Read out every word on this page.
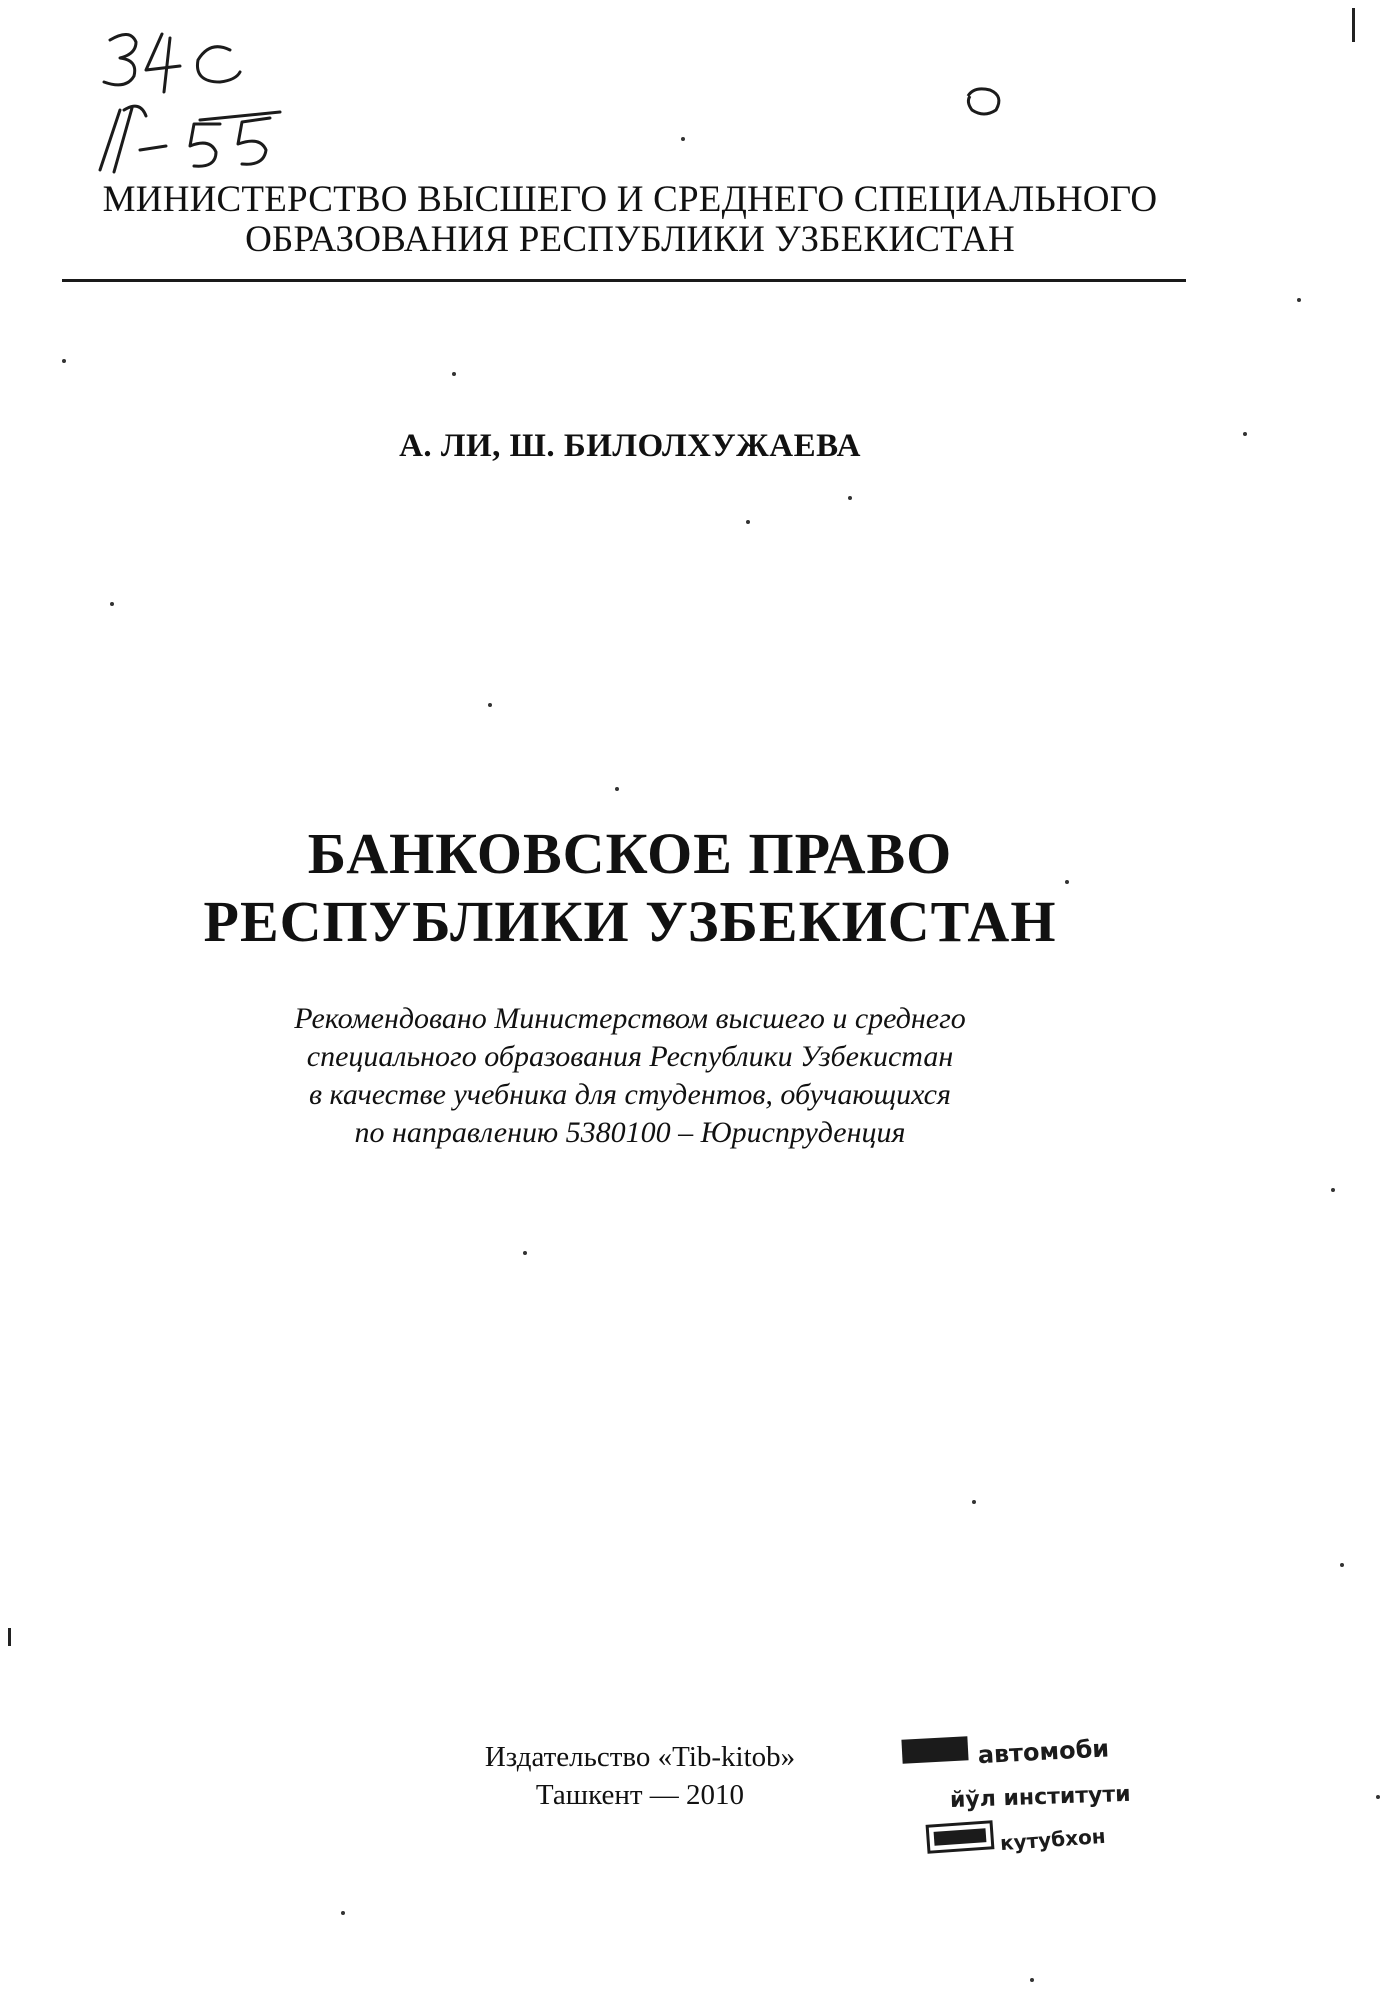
МИНИСТЕРСТВО ВЫСШЕГО И СРЕДНЕГО СПЕЦИАЛЬНОГО
ОБРАЗОВАНИЯ РЕСПУБЛИКИ УЗБЕКИСТАН
А. ЛИ, Ш. БИЛОЛХУЖАЕВА
БАНКОВСКОЕ ПРАВО
РЕСПУБЛИКИ УЗБЕКИСТАН
Рекомендовано Министерством высшего и среднего
специального образования Республики Узбекистан
в качестве учебника для студентов, обучающихся
по направлению 5380100 – Юриспруденция
Издательство «Tib-kitob»
Ташкент — 2010
автомоби
йўл институти
кутубхон
